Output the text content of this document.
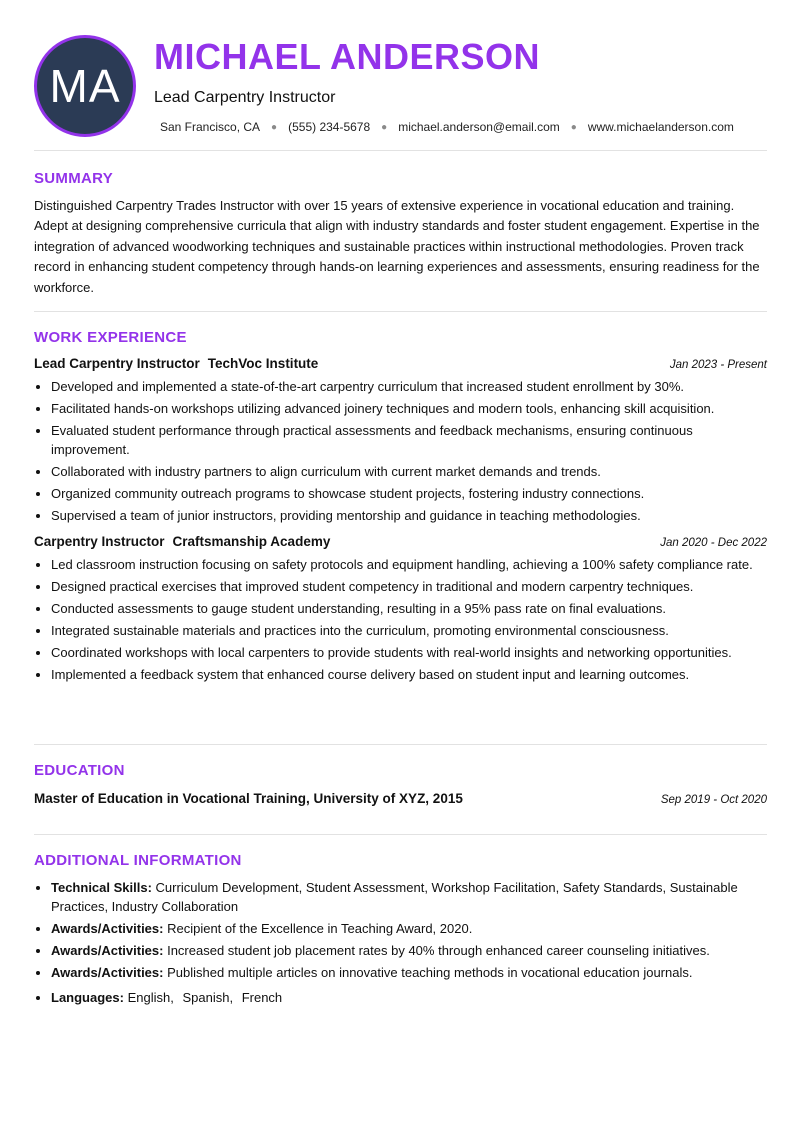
MA
MICHAEL ANDERSON
Lead Carpentry Instructor
San Francisco, CA ● (555) 234-5678 ● michael.anderson@email.com ● www.michaelanderson.com
SUMMARY

Distinguished Carpentry Trades Instructor with over 15 years of extensive experience in vocational education and training. Adept at designing comprehensive curricula that align with industry standards and foster student engagement. Expertise in the integration of advanced woodworking techniques and sustainable practices within instructional methodologies. Proven track record in enhancing student competency through hands-on learning experiences and assessments, ensuring readiness for the workforce.

WORK EXPERIENCE
Lead Carpentry Instructor TechVoc Institute	Jan 2023 - Present
• Developed and implemented a state-of-the-art carpentry curriculum that increased student enrollment by 30%.
• Facilitated hands-on workshops utilizing advanced joinery techniques and modern tools, enhancing skill acquisition.
• Evaluated student performance through practical assessments and feedback mechanisms, ensuring continuous improvement.
• Collaborated with industry partners to align curriculum with current market demands and trends.
• Organized community outreach programs to showcase student projects, fostering industry connections.
• Supervised a team of junior instructors, providing mentorship and guidance in teaching methodologies.
Carpentry Instructor Craftsmanship Academy	Jan 2020 - Dec 2022
• Led classroom instruction focusing on safety protocols and equipment handling, achieving a 100% safety compliance rate.
• Designed practical exercises that improved student competency in traditional and modern carpentry techniques.
• Conducted assessments to gauge student understanding, resulting in a 95% pass rate on final evaluations.
• Integrated sustainable materials and practices into the curriculum, promoting environmental consciousness.
• Coordinated workshops with local carpenters to provide students with real-world insights and networking opportunities.
• Implemented a feedback system that enhanced course delivery based on student input and learning outcomes.
EDUCATION
Master of Education in Vocational Training, University of XYZ, 2015	Sep 2019 - Oct 2020
ADDITIONAL INFORMATION
• Technical Skills: Curriculum Development, Student Assessment, Workshop Facilitation, Safety Standards, Sustainable Practices, Industry Collaboration
• Awards/Activities: Recipient of the Excellence in Teaching Award, 2020.
• Awards/Activities: Increased student job placement rates by 40% through enhanced career counseling initiatives.
• Awards/Activities: Published multiple articles on innovative teaching methods in vocational education journals.
• Languages: English, Spanish, French
